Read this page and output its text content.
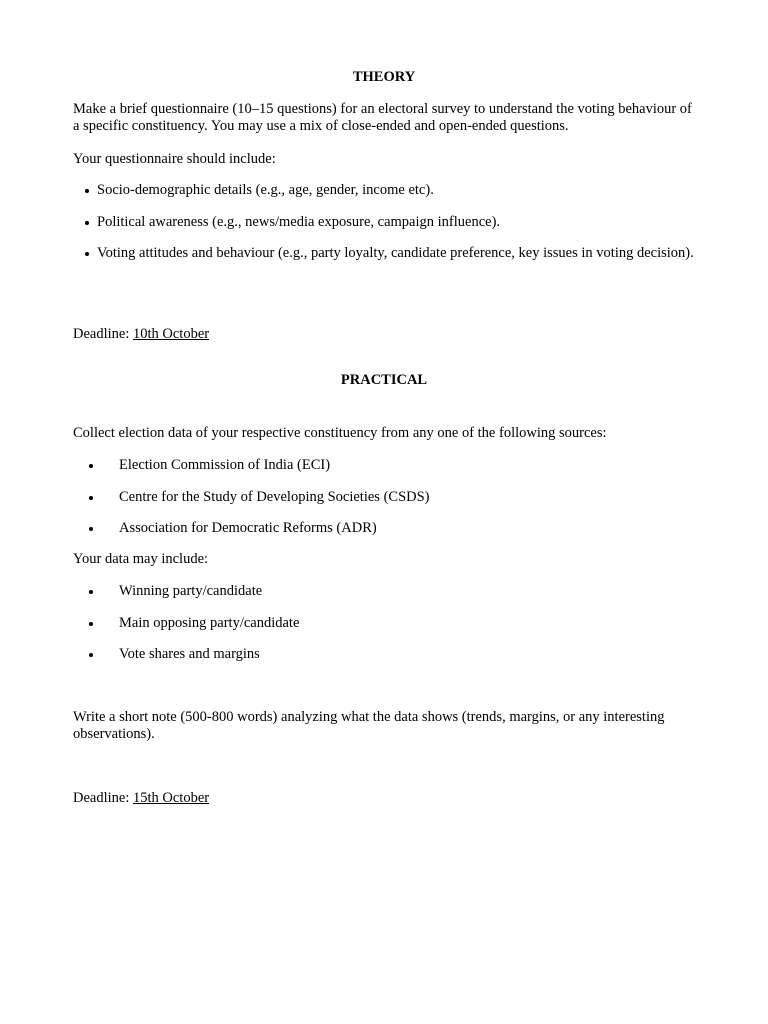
THEORY

Make a brief questionnaire (10–15 questions) for an electoral survey to understand the voting behaviour of a specific constituency. You may use a mix of close-ended and open-ended questions.

Your questionnaire should include:

Socio-demographic details (e.g., age, gender, income etc).
Political awareness (e.g., news/media exposure, campaign influence).
Voting attitudes and behaviour (e.g., party loyalty, candidate preference, key issues in voting decision).

Deadline: 10th October

PRACTICAL

Collect election data of your respective constituency from any one of the following sources:

Election Commission of India (ECI)
Centre for the Study of Developing Societies (CSDS)
Association for Democratic Reforms (ADR)

Your data may include:

Winning party/candidate
Main opposing party/candidate
Vote shares and margins

Write a short note (500-800 words) analyzing what the data shows (trends, margins, or any interesting observations).

Deadline: 15th October
